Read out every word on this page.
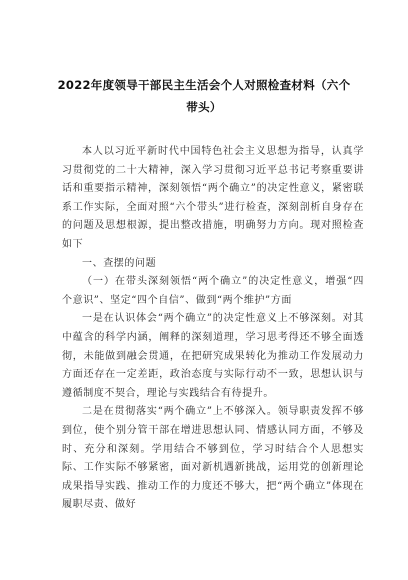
2022年度领导干部民主生活会个人对照检查材料（六个带头）

本人以习近平新时代中国特色社会主义思想为指导，认真学习贯彻党的二十大精神，深入学习贯彻习近平总书记考察重要讲话和重要指示精神，深刻领悟“两个确立”的决定性意义，紧密联系工作实际，全面对照“六个带头”进行检查，深刻剖析自身存在的问题及思想根源，提出整改措施，明确努力方向。现对照检查如下

一、查摆的问题

（一）在带头深刻领悟“两个确立”的决定性意义，增强“四个意识”、坚定“四个自信”、做到“两个维护”方面

一是在认识体会“两个确立”的决定性意义上不够深刻。对其中蕴含的科学内涵，阐释的深刻道理，学习思考得还不够全面透彻，未能做到融会贯通，在把研究成果转化为推动工作发展动力方面还存在一定差距，政治态度与实际行动不一致，思想认识与遵循制度不契合，理论与实践结合有待提升。

二是在贯彻落实“两个确立”上不够深入。领导职责发挥不够到位，使个别分管干部在增进思想认同、情感认同方面，不够及时、充分和深刻。学用结合不够到位，学习时结合个人思想实际、工作实际不够紧密，面对新机遇新挑战，运用党的创新理论成果指导实践、推动工作的力度还不够大，把“两个确立”体现在履职尽责、做好
